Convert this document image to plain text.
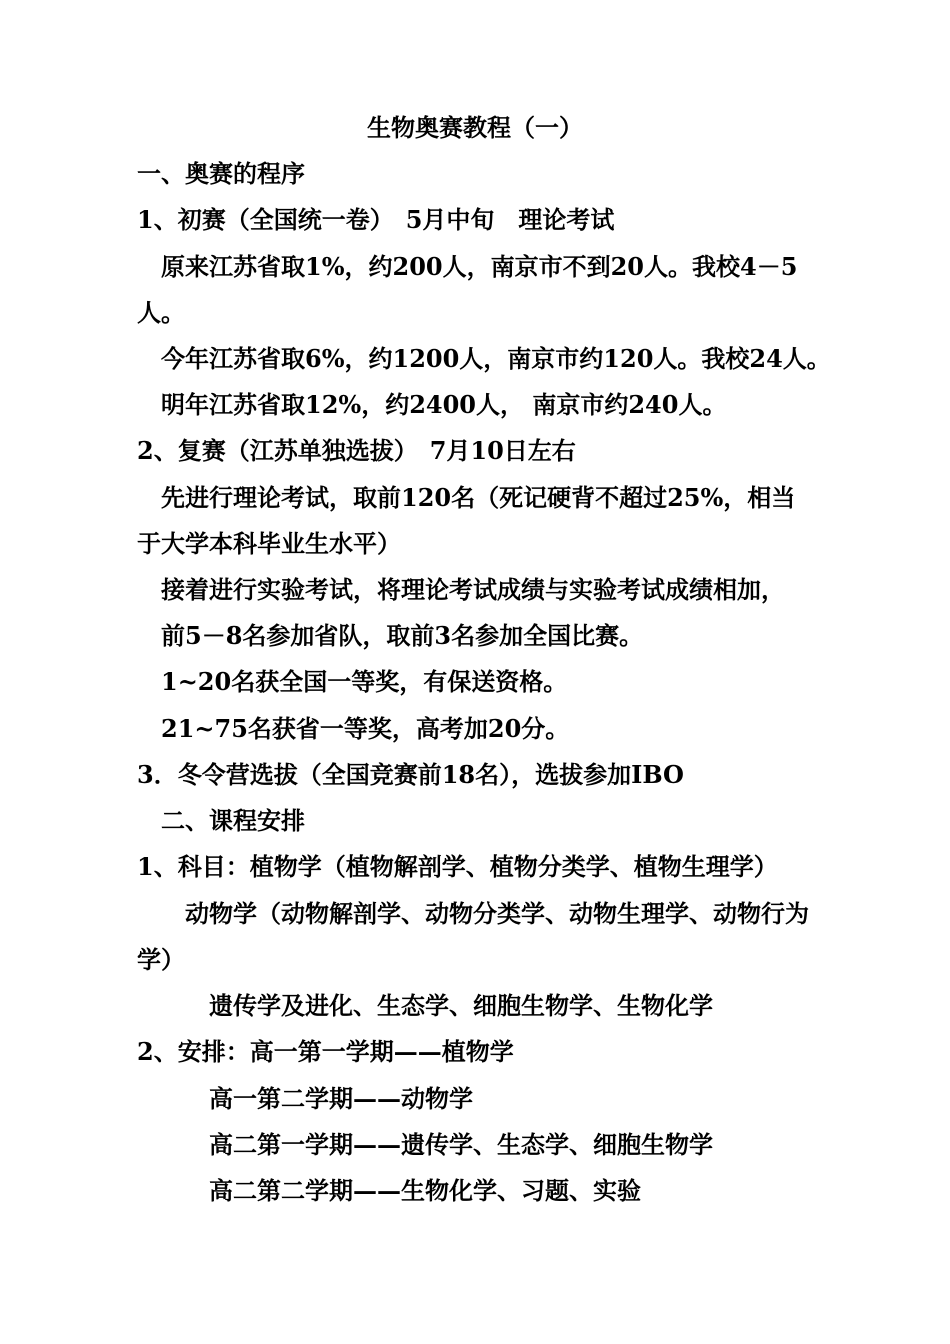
生物奥赛教程（一）
一、奥赛的程序
1、初赛（全国统一卷）　5月中旬　理论考试
　原来江苏省取1%，约200人，南京市不到20人。我校4－5
人。
　今年江苏省取6%，约1200人，南京市约120人。我校24人。
　明年江苏省取12%，约2400人， 南京市约240人。
2、复赛（江苏单独选拔）　7月10日左右
　先进行理论考试，取前120名（死记硬背不超过25%，相当
于大学本科毕业生水平）
　接着进行实验考试，将理论考试成绩与实验考试成绩相加，
　前5－8名参加省队，取前3名参加全国比赛。
　1~20名获全国一等奖，有保送资格。
　21~75名获省一等奖，高考加20分。
3．冬令营选拔（全国竞赛前18名），选拔参加IBO
　二、课程安排
1、科目：植物学（植物解剖学、植物分类学、植物生理学）
　　动物学（动物解剖学、动物分类学、动物生理学、动物行为
学）
　　　遗传学及进化、生态学、细胞生物学、生物化学
2、安排：高一第一学期——植物学
　　　高一第二学期——动物学
　　　高二第一学期——遗传学、生态学、细胞生物学
　　　高二第二学期——生物化学、习题、实验
